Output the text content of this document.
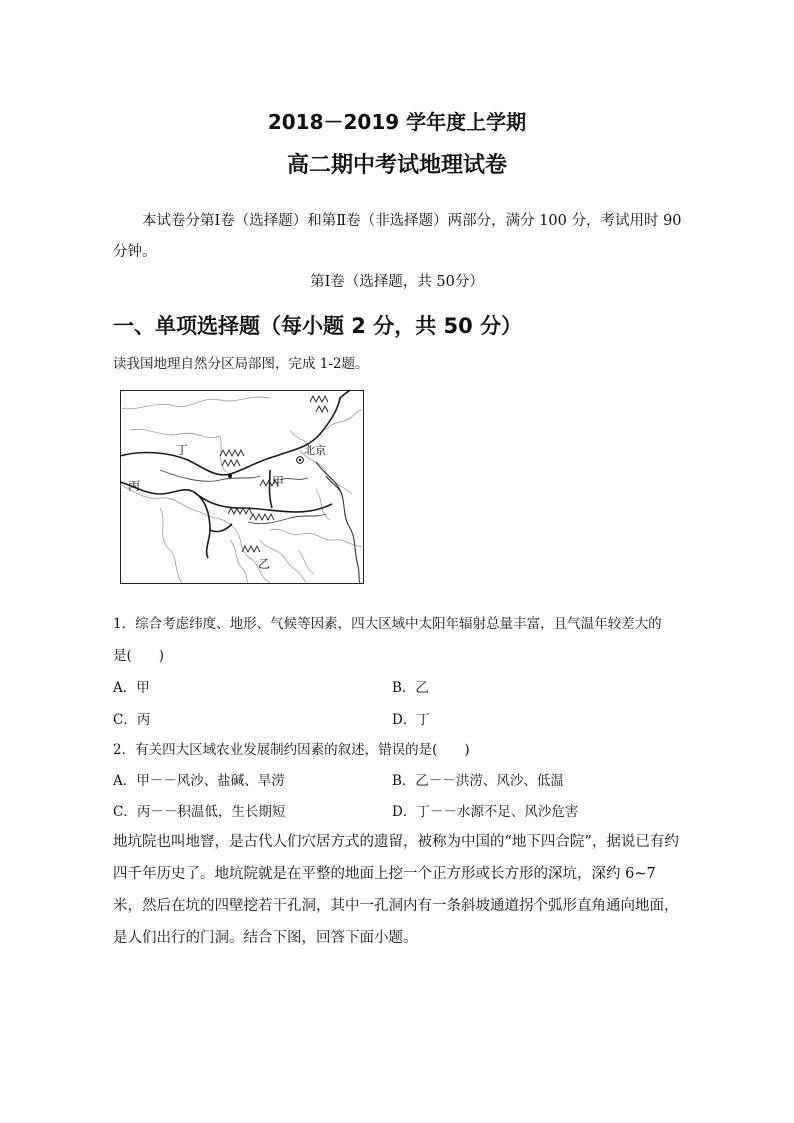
2018－2019 学年度上学期
高二期中考试地理试卷
本试卷分第Ⅰ卷（选择题）和第Ⅱ卷（非选择题）两部分，满分 100 分，考试用时 90 分钟。
第Ⅰ卷（选择题，共 50分）
一、单项选择题（每小题 2 分，共 50 分）
读我国地理自然分区局部图，完成 1-2题。
北京
甲
乙
丙
丁
1．综合考虑纬度、地形、气候等因素，四大区域中太阳年辐射总量丰富，且气温年较差大的
是(　　)
A．甲	B．乙
C．丙	D．丁
2．有关四大区域农业发展制约因素的叙述，错误的是(　　)
A．甲－－风沙、盐碱、旱涝	B．乙－－洪涝、风沙、低温
C．丙－－积温低，生长期短	D．丁－－水源不足、风沙危害
地坑院也叫地窨，是古代人们穴居方式的遗留，被称为中国的“地下四合院”，据说已有约四千年历史了。地坑院就是在平整的地面上挖一个正方形或长方形的深坑，深约 6~7 米，然后在坑的四壁挖若干孔洞，其中一孔洞内有一条斜坡通道拐个弧形直角通向地面，是人们出行的门洞。结合下图，回答下面小题。
